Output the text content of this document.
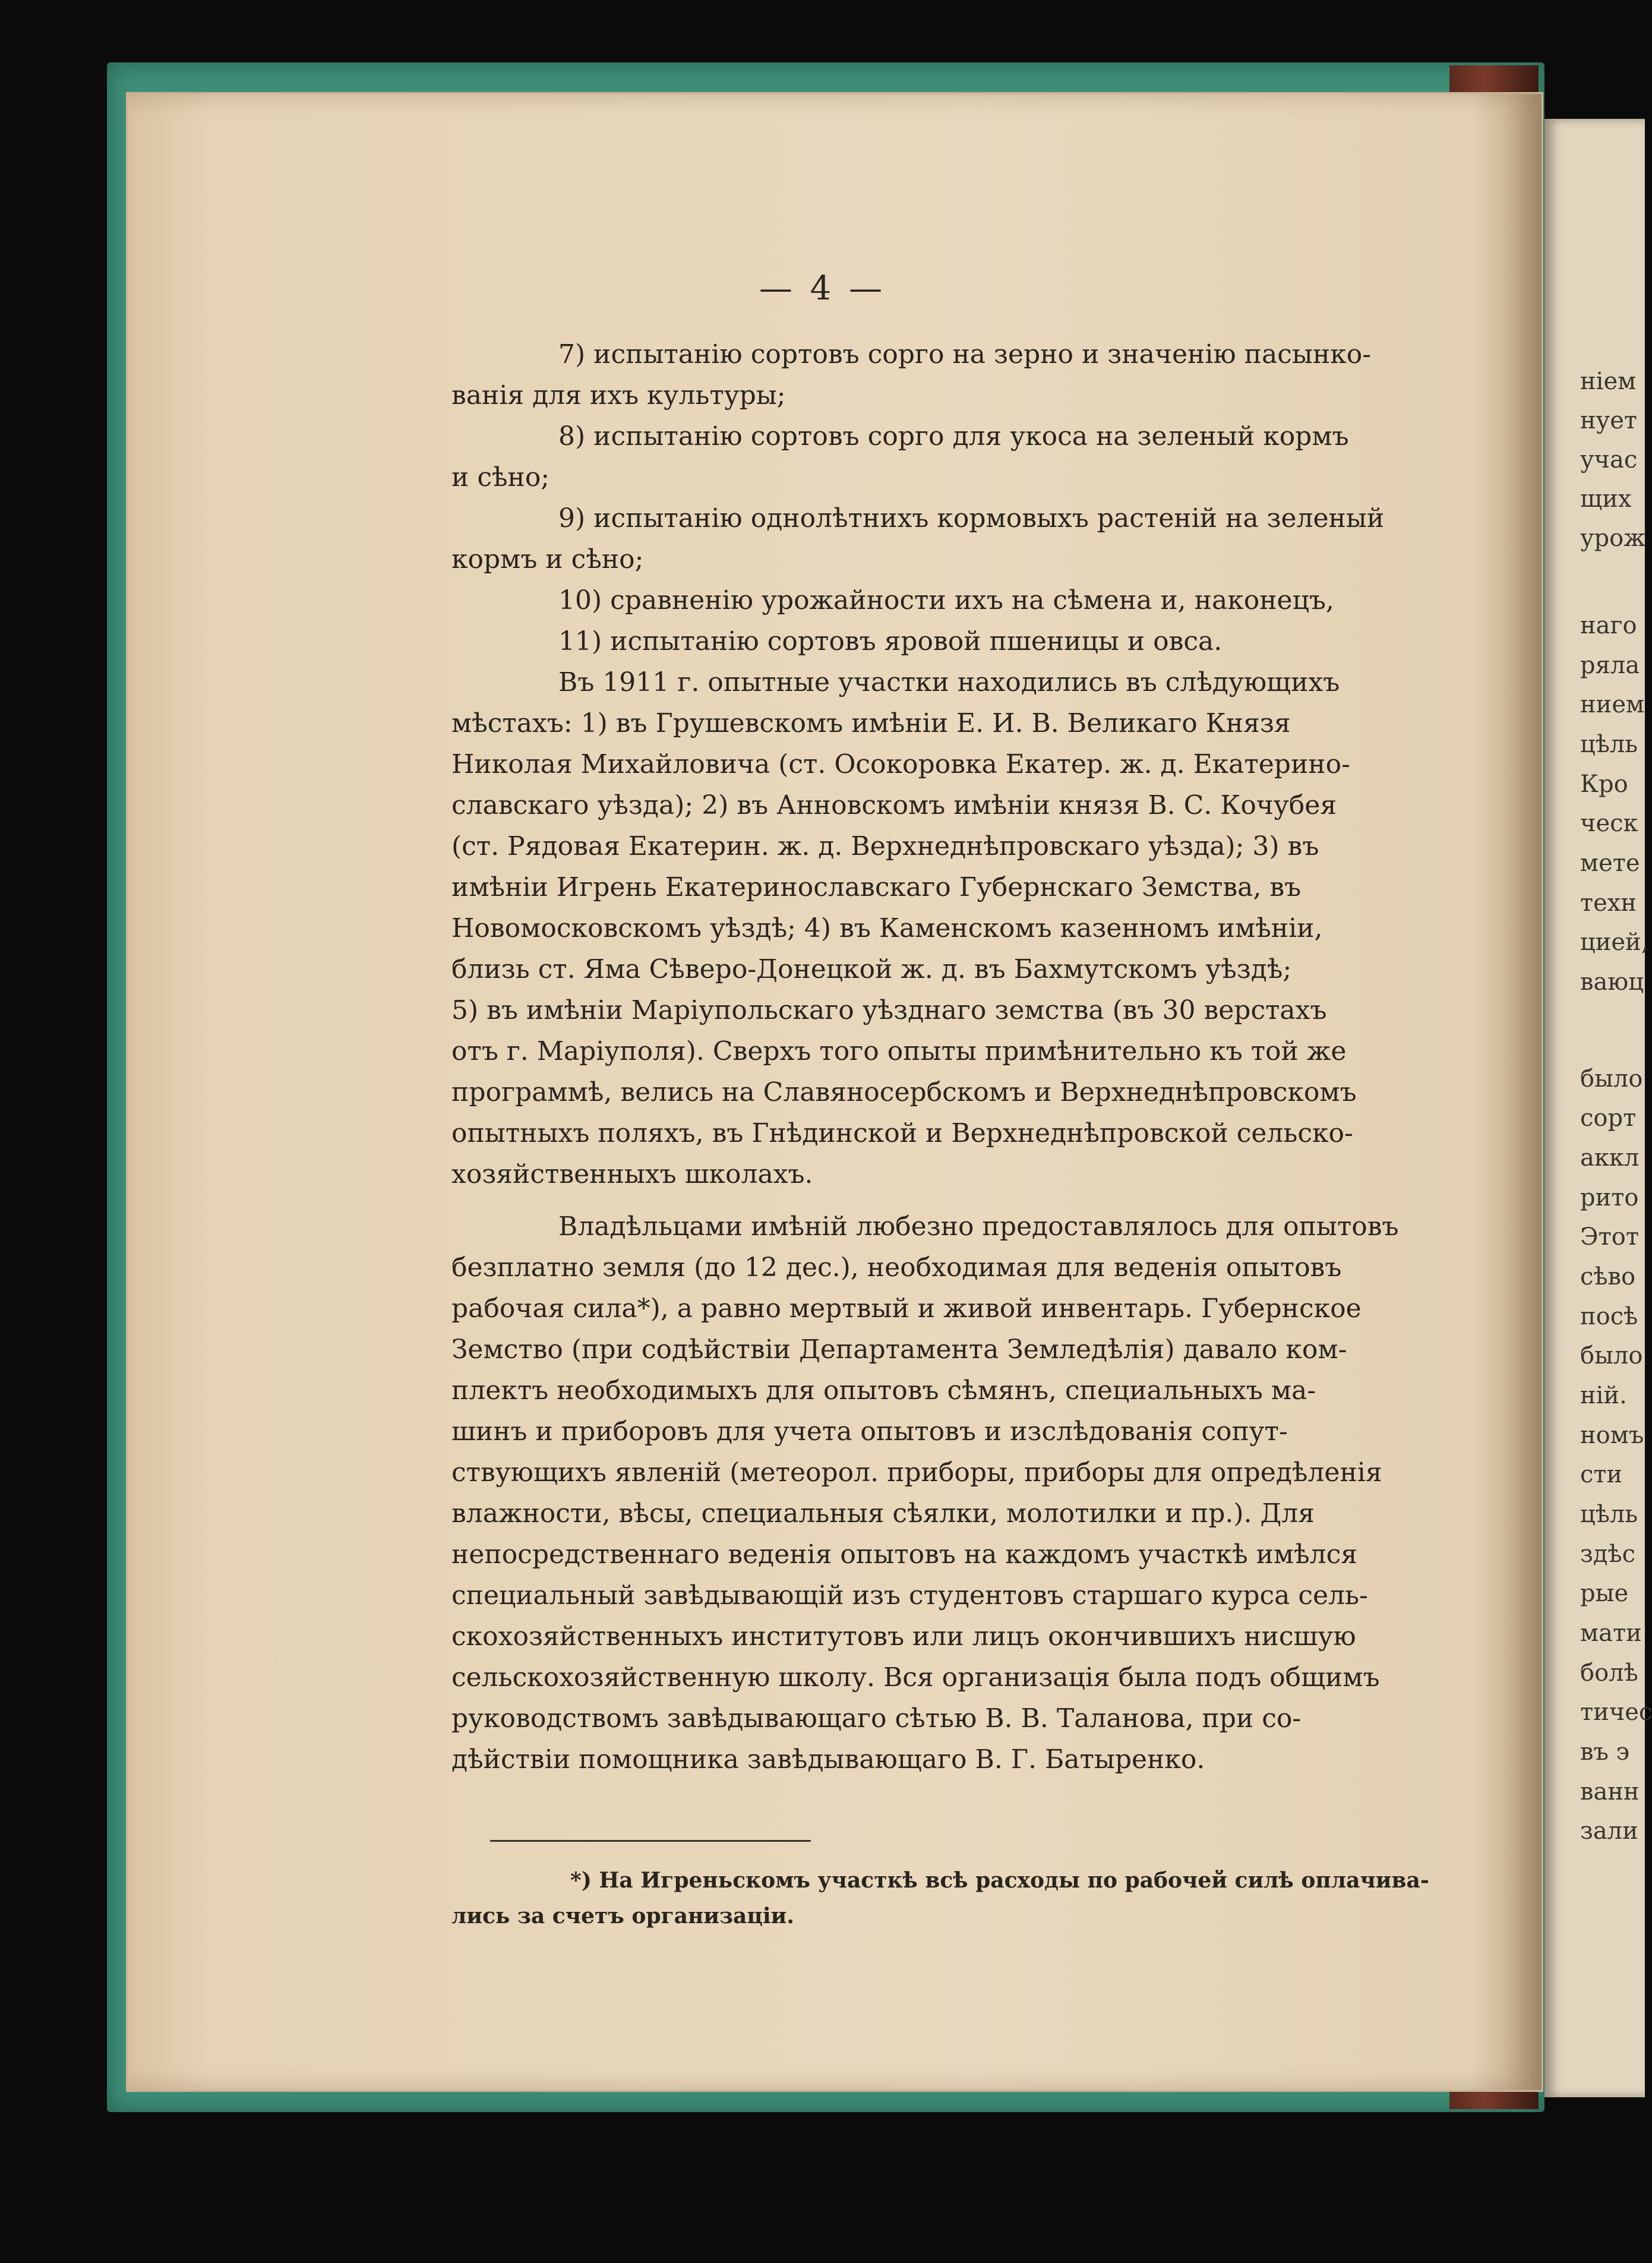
ніем

нует

учас

щих

урож

наго

ряла

нием

цѣль

Кро

ческ

мете

техн

цией,

ваюц

было

сорт

аккл

рито

Этот

сѣво

посѣ

было

ній.

номъ

сти

цѣль

здѣс

рые

мати

болѣ

тичес

въ э

ванн

зали

— 4 —

7) испытанію сортовъ сорго на зерно и значенію пасынко-

ванія для ихъ культуры;

8) испытанію сортовъ сорго для укоса на зеленый кормъ

и сѣно;

9) испытанію однолѣтнихъ кормовыхъ растеній на зеленый

кормъ и сѣно;

10) сравненію урожайности ихъ на сѣмена и, наконецъ,

11) испытанію сортовъ яровой пшеницы и овса.

Въ 1911 г. опытные участки находились въ слѣдующихъ

мѣстахъ: 1) въ Грушевскомъ имѣніи Е. И. В. Великаго Князя

Николая Михайловича (ст. Осокоровка Екатер. ж. д. Екатерино-

славскаго уѣзда); 2) въ Анновскомъ имѣніи князя В. С. Кочубея

(ст. Рядовая Екатерин. ж. д. Верхнеднѣпровскаго уѣзда); 3) въ

имѣніи Игрень Екатеринославскаго Губернскаго Земства, въ

Новомосковскомъ уѣздѣ; 4) въ Каменскомъ казенномъ имѣніи,

близь ст. Яма Сѣверо-Донецкой ж. д. въ Бахмутскомъ уѣздѣ;

5) въ имѣніи Маріупольскаго уѣзднаго земства (въ 30 верстахъ

отъ г. Маріуполя). Сверхъ того опыты примѣнительно къ той же

программѣ, велись на Славяносербскомъ и Верхнеднѣпровскомъ

опытныхъ поляхъ, въ Гнѣдинской и Верхнеднѣпровской сельско-

хозяйственныхъ школахъ.

Владѣльцами имѣній любезно предоставлялось для опытовъ

безплатно земля (до 12 дес.), необходимая для веденія опытовъ

рабочая сила*), а равно мертвый и живой инвентарь. Губернское

Земство (при содѣйствіи Департамента Земледѣлія) давало ком-

плектъ необходимыхъ для опытовъ сѣмянъ, специальныхъ ма-

шинъ и приборовъ для учета опытовъ и изслѣдованія сопут-

ствующихъ явленій (метеорол. приборы, приборы для опредѣленія

влажности, вѣсы, специальныя сѣялки, молотилки и пр.). Для

непосредственнаго веденія опытовъ на каждомъ участкѣ имѣлся

специальный завѣдывающій изъ студентовъ старшаго курса сель-

скохозяйственныхъ институтовъ или лицъ окончившихъ нисшую

сельскохозяйственную школу. Вся организація была подъ общимъ

руководствомъ завѣдывающаго сѣтью В. В. Таланова, при со-

дѣйствіи помощника завѣдывающаго В. Г. Батыренко.

*) На Игреньскомъ участкѣ всѣ расходы по рабочей силѣ оплачива-

лись за счетъ организаціи.
